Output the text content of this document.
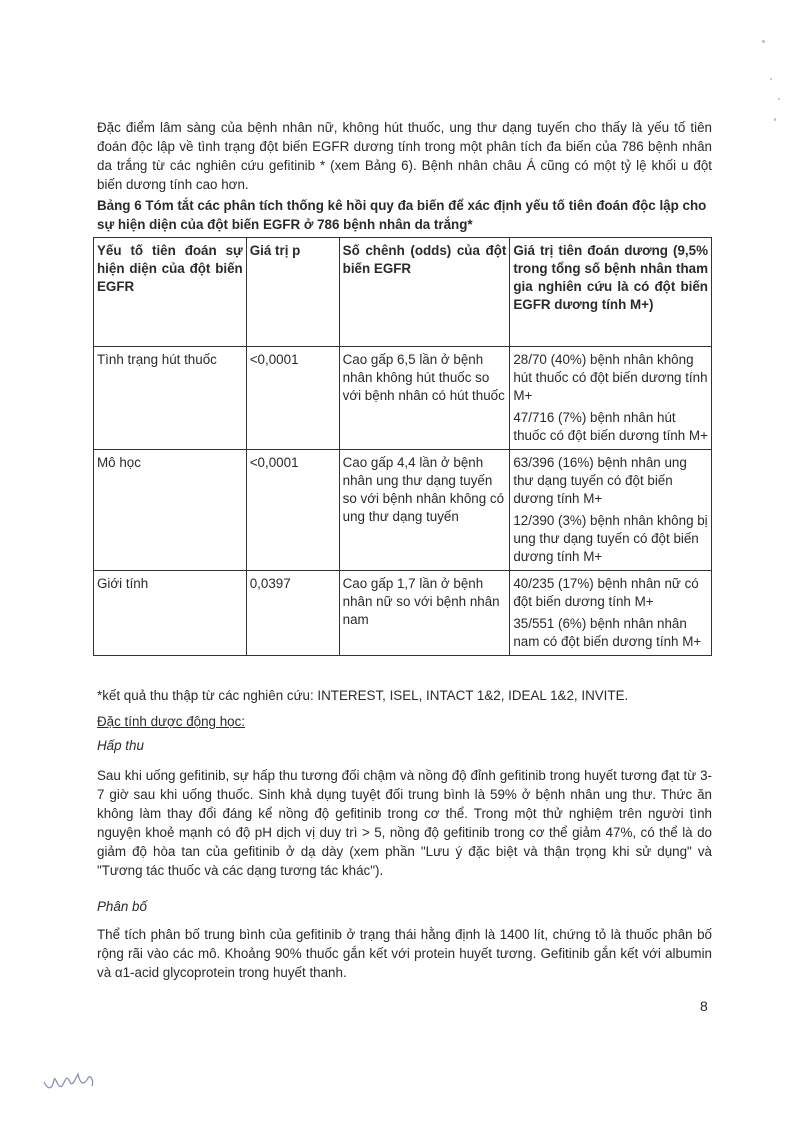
Đặc điểm lâm sàng của bệnh nhân nữ, không hút thuốc, ung thư dạng tuyến cho thấy là yếu tố tiên đoán độc lập về tình trạng đột biến EGFR dương tính trong một phân tích đa biến của 786 bệnh nhân da trắng từ các nghiên cứu gefitinib * (xem Bảng 6). Bệnh nhân châu Á cũng có một tỷ lệ khối u đột biến dương tính cao hơn.

Bảng 6 Tóm tắt các phân tích thống kê hồi quy đa biến để xác định yếu tố tiên đoán độc lập cho sự hiện diện của đột biến EGFR ở 786 bệnh nhân da trắng*

Yếu tố tiên đoán sự hiện diện của đột biến EGFR	Giá trị p	Số chênh (odds) của đột biến EGFR	Giá trị tiên đoán dương (9,5% trong tổng số bệnh nhân tham gia nghiên cứu là có đột biến EGFR dương tính M+)
Tình trạng hút thuốc	<0,0001	Cao gấp 6,5 lần ở bệnh nhân không hút thuốc so với bệnh nhân có hút thuốc	28/70 (40%) bệnh nhân không hút thuốc có đột biến dương tính M+
47/716 (7%) bệnh nhân hút thuốc có đột biến dương tính M+

Mô học	<0,0001	Cao gấp 4,4 lần ở bệnh nhân ung thư dạng tuyến so với bệnh nhân không có ung thư dạng tuyến	63/396 (16%) bệnh nhân ung thư dạng tuyến có đột biến dương tính M+
12/390 (3%) bệnh nhân không bị ung thư dạng tuyến có đột biến dương tính M+

Giới tính	0,0397	Cao gấp 1,7 lần ở bệnh nhân nữ so với bệnh nhân nam	40/235 (17%) bệnh nhân nữ có đột biến dương tính M+
35/551 (6%) bệnh nhân nhân nam có đột biến dương tính M+

*kết quả thu thập từ các nghiên cứu: INTEREST, ISEL, INTACT 1&2, IDEAL 1&2, INVITE.

Đặc tính dược động học:

Hấp thu

Sau khi uống gefitinib, sự hấp thu tương đối chậm và nồng độ đỉnh gefitinib trong huyết tương đạt từ 3-7 giờ sau khi uống thuốc. Sinh khả dụng tuyệt đối trung bình là 59% ở bệnh nhân ung thư. Thức ăn không làm thay đổi đáng kể nồng độ gefitinib trong cơ thể. Trong một thử nghiệm trên người tình nguyện khoẻ mạnh có độ pH dịch vị duy trì > 5, nồng độ gefitinib trong cơ thể giảm 47%, có thể là do giảm độ hòa tan của gefitinib ở dạ dày (xem phần "Lưu ý đặc biệt và thận trọng khi sử dụng" và "Tương tác thuốc và các dạng tương tác khác").

Phân bố

Thể tích phân bố trung bình của gefitinib ở trạng thái hằng định là 1400 lít, chứng tỏ là thuốc phân bố rộng rãi vào các mô. Khoảng 90% thuốc gắn kết với protein huyết tương. Gefitinib gắn kết với albumin và α1-acid glycoprotein trong huyết thanh.

8
